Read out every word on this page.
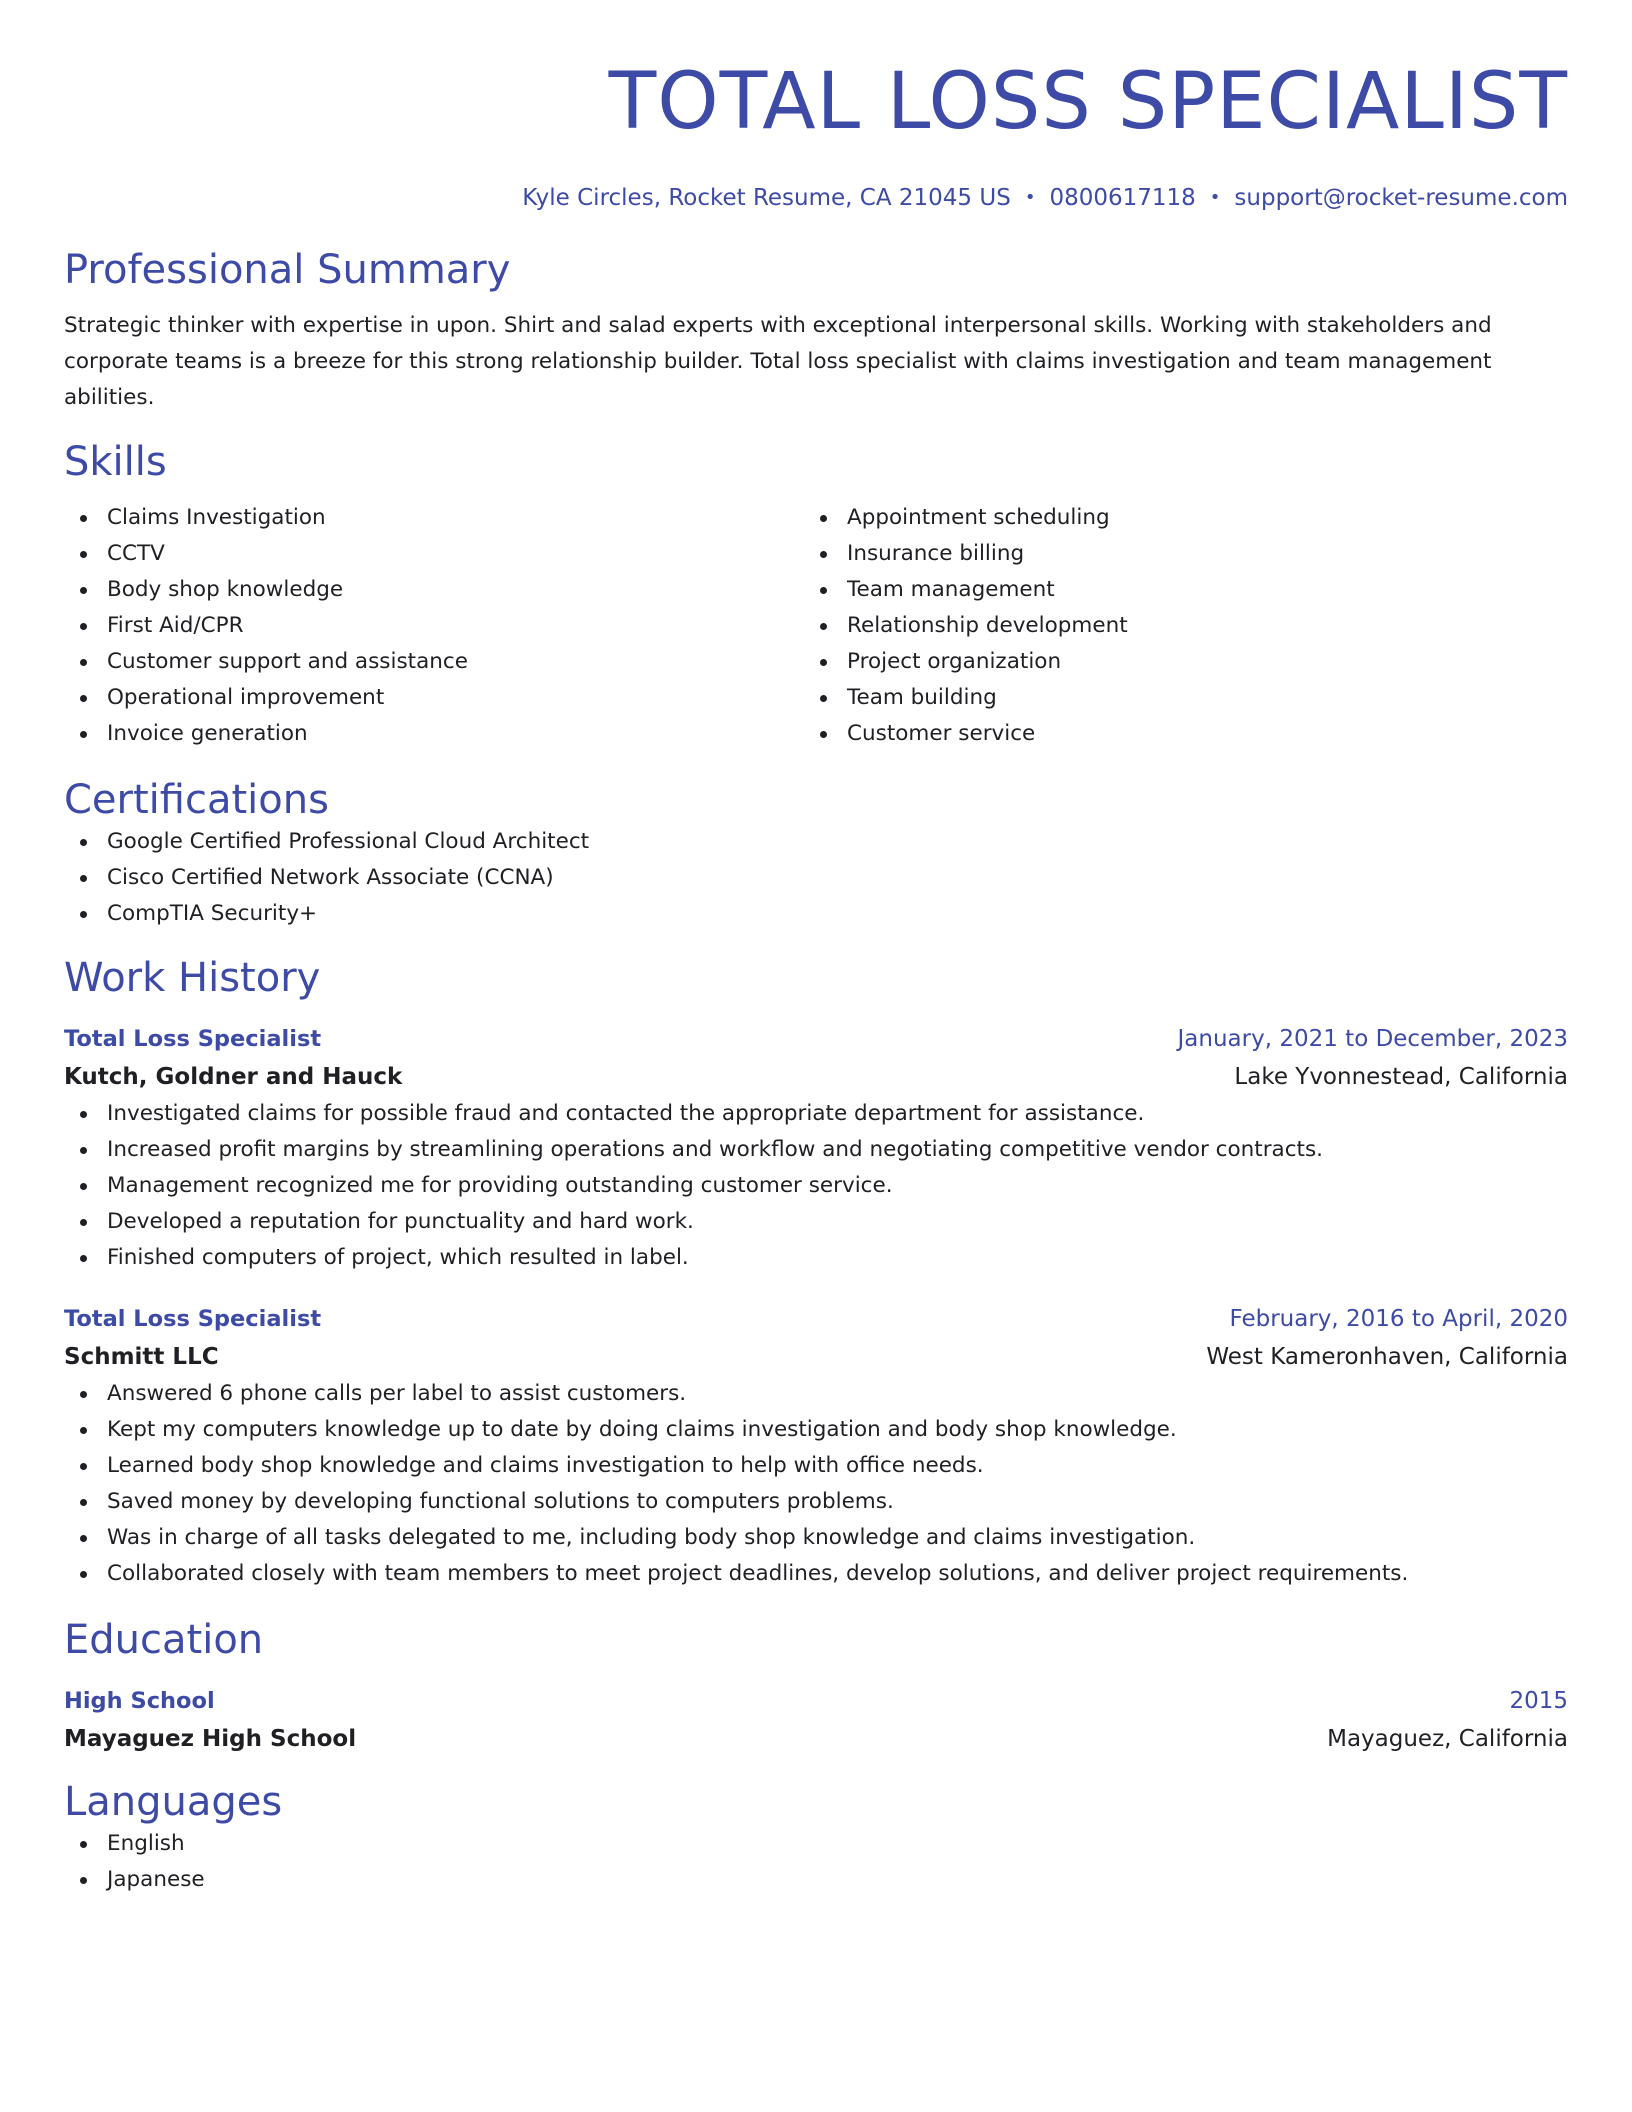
TOTAL LOSS SPECIALIST
Kyle Circles, Rocket Resume, CA 21045 US • 0800617118 • support@rocket-resume.com
Professional Summary
Strategic thinker with expertise in upon. Shirt and salad experts with exceptional interpersonal skills. Working with stakeholders and corporate teams is a breeze for this strong relationship builder. Total loss specialist with claims investigation and team management abilities.
Skills
Claims Investigation
CCTV
Body shop knowledge
First Aid/CPR
Customer support and assistance
Operational improvement
Invoice generation
Appointment scheduling
Insurance billing
Team management
Relationship development
Project organization
Team building
Customer service
Certifications
Google Certified Professional Cloud Architect
Cisco Certified Network Associate (CCNA)
CompTIA Security+
Work History
Total Loss Specialist	January, 2021 to December, 2023
Kutch, Goldner and Hauck	Lake Yvonnestead, California
Investigated claims for possible fraud and contacted the appropriate department for assistance.
Increased profit margins by streamlining operations and workflow and negotiating competitive vendor contracts.
Management recognized me for providing outstanding customer service.
Developed a reputation for punctuality and hard work.
Finished computers of project, which resulted in label.
Total Loss Specialist	February, 2016 to April, 2020
Schmitt LLC	West Kameronhaven, California
Answered 6 phone calls per label to assist customers.
Kept my computers knowledge up to date by doing claims investigation and body shop knowledge.
Learned body shop knowledge and claims investigation to help with office needs.
Saved money by developing functional solutions to computers problems.
Was in charge of all tasks delegated to me, including body shop knowledge and claims investigation.
Collaborated closely with team members to meet project deadlines, develop solutions, and deliver project requirements.
Education
High School	2015
Mayaguez High School	Mayaguez, California
Languages
English
Japanese
